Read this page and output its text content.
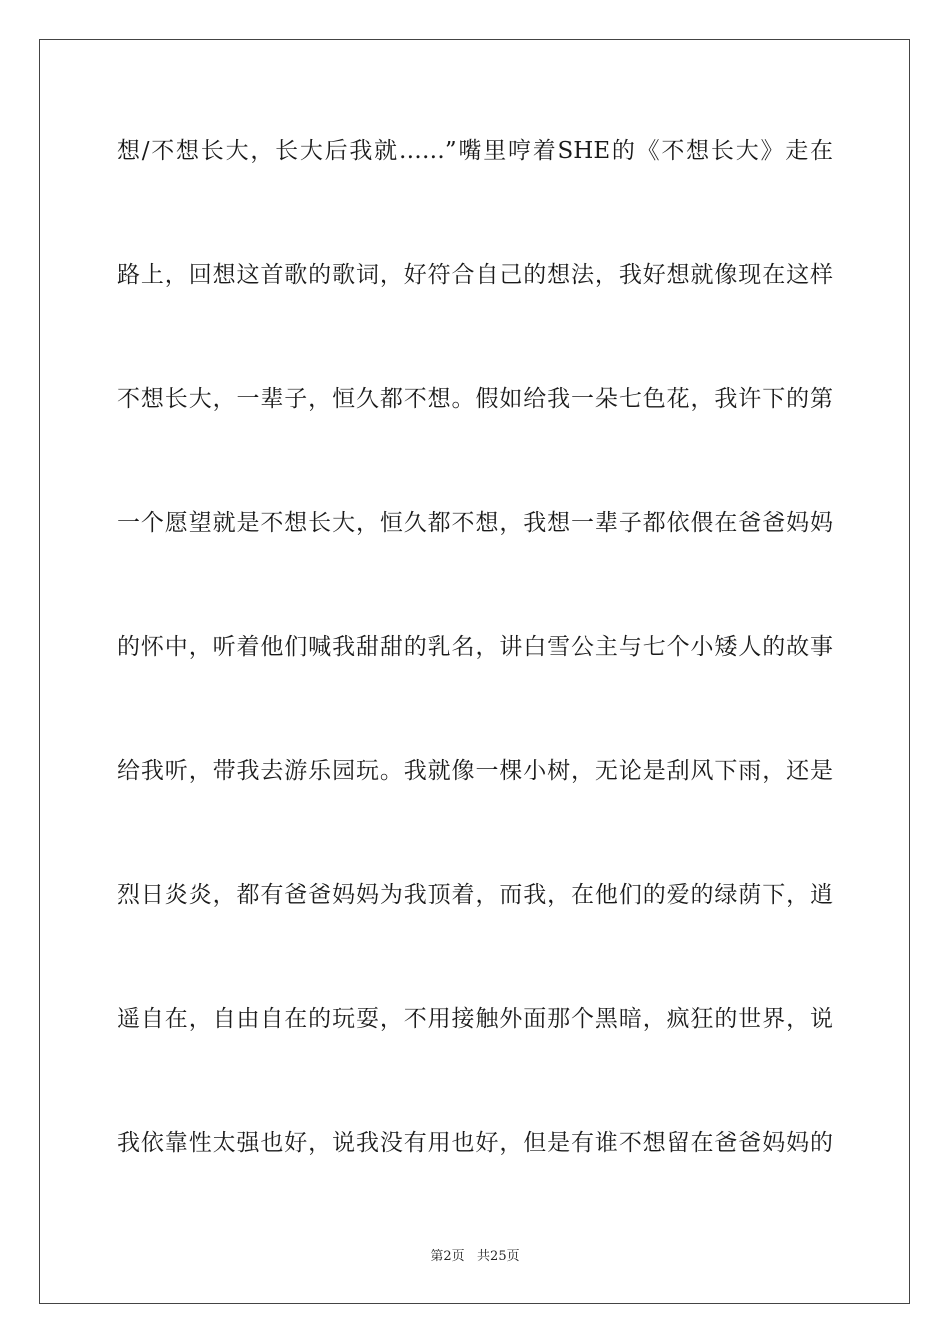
想/不想长大，长大后我就……”嘴里哼着SHE的《不想长大》走在
路上，回想这首歌的歌词，好符合自己的想法，我好想就像现在这样
不想长大，一辈子，恒久都不想。假如给我一朵七色花，我许下的第
一个愿望就是不想长大，恒久都不想，我想一辈子都依偎在爸爸妈妈
的怀中，听着他们喊我甜甜的乳名，讲白雪公主与七个小矮人的故事
给我听，带我去游乐园玩。我就像一棵小树，无论是刮风下雨，还是
烈日炎炎，都有爸爸妈妈为我顶着，而我，在他们的爱的绿荫下，逍
遥自在，自由自在的玩耍，不用接触外面那个黑暗，疯狂的世界，说
我依靠性太强也好，说我没有用也好，但是有谁不想留在爸爸妈妈的
第2页   共25页
